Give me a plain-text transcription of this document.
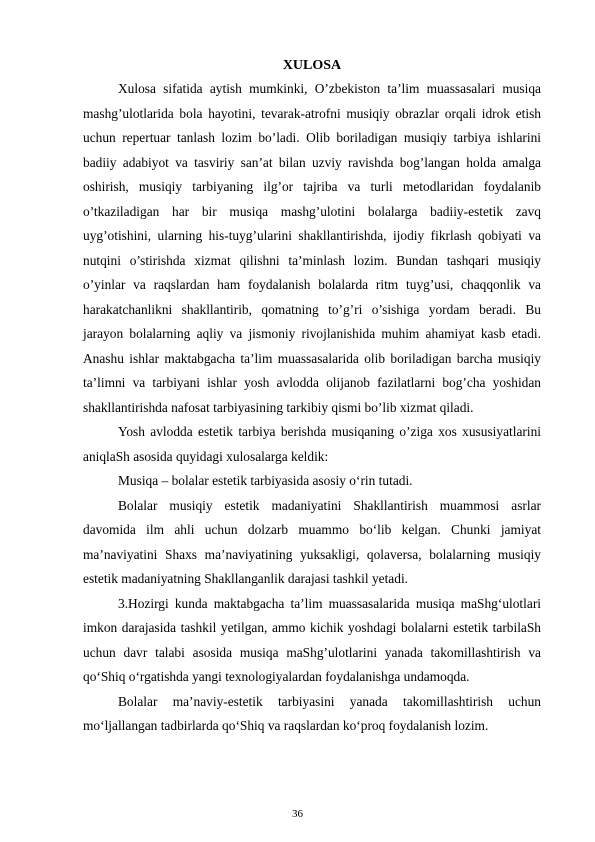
XULOSA

Xulosa sifatida aytish mumkinki, O’zbekiston ta’lim muassasalari musiqa mashg’ulotlarida bola hayotini, tevarak-atrofni musiqiy obrazlar orqali idrok etish uchun repertuar tanlash lozim bo’ladi. Olib boriladigan musiqiy tarbiya ishlarini badiiy adabiyot va tasviriy san’at bilan uzviy ravishda bog’langan holda amalga oshirish, musiqiy tarbiyaning ilg’or tajriba va turli metodlaridan foydalanib o’tkaziladigan har bir musiqa mashg’ulotini bolalarga badiiy-estetik zavq uyg’otishini, ularning his-tuyg’ularini shakllantirishda, ijodiy fikrlash qobiyati va nutqini o’stirishda xizmat qilishni ta’minlash lozim. Bundan tashqari musiqiy o’yinlar va raqslardan ham foydalanish bolalarda ritm tuyg’usi, chaqqonlik va harakatchanlikni shakllantirib, qomatning to’g’ri o’sishiga yordam beradi. Bu jarayon bolalarning aqliy va jismoniy rivojlanishida muhim ahamiyat kasb etadi. Anashu ishlar maktabgacha ta’lim muassasalarida olib boriladigan barcha musiqiy ta’limni va tarbiyani ishlar yosh avlodda olijanob fazilatlarni bog’cha yoshidan shakllantirishda nafosat tarbiyasining tarkibiy qismi bo’lib xizmat qiladi.

Yosh avlodda estetik tarbiya berishda musiqaning o’ziga xos xususiyatlarini aniqlaSh asosida quyidagi xulosalarga keldik:

Musiqa – bolalar estetik tarbiyasida asosiy o‘rin tutadi.

Bolalar musiqiy estetik madaniyatini Shakllantirish muammosi asrlar davomida ilm ahli uchun dolzarb muammo bo‘lib kelgan. Chunki jamiyat ma’naviyatini Shaxs ma’naviyatining yuksakligi, qolaversa, bolalarning musiqiy estetik madaniyatning Shakllanganlik darajasi tashkil yetadi.

3.Hozirgi kunda maktabgacha ta’lim muassasalarida musiqa maShg‘ulotlari imkon darajasida tashkil yetilgan, ammo kichik yoshdagi bolalarni estetik tarbilaSh uchun davr talabi asosida musiqa maShg’ulotlarini yanada takomillashtirish va qo‘Shiq o‘rgatishda yangi texnologiyalardan foydalanishga undamoqda.

Bolalar ma’naviy-estetik tarbiyasini yanada takomillashtirish uchun mo‘ljallangan tadbirlarda qo‘Shiq va raqslardan ko‘proq foydalanish lozim.

36
